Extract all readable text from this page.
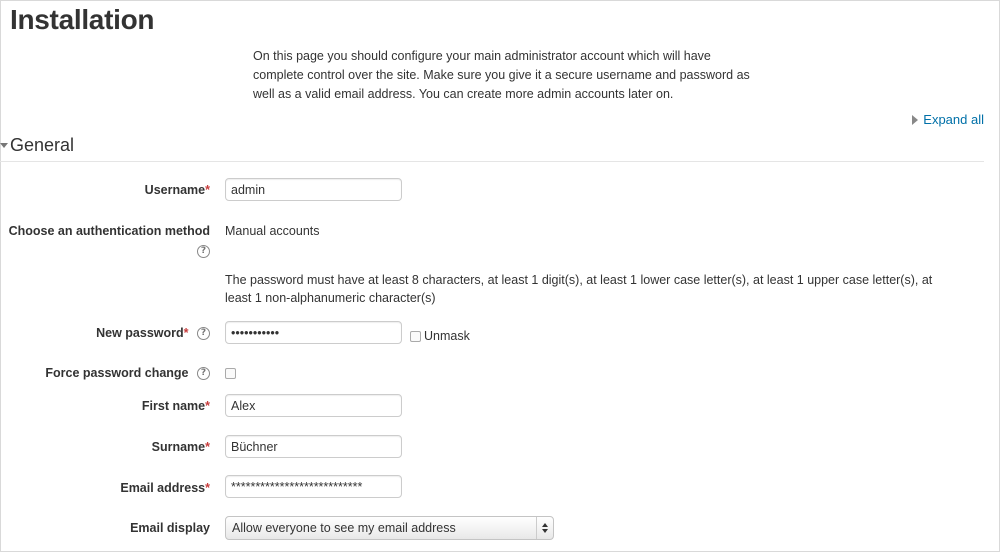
Installation
On this page you should configure your main administrator account which will have complete control over the site. Make sure you give it a secure username and password as well as a valid email address. You can create more admin accounts later on.
Expand all
General
Username*
admin
Choose an authentication method
?
Manual accounts
The password must have at least 8 characters, at least 1 digit(s), at least 1 lower case letter(s), at least 1 upper case letter(s), at least 1 non-alphanumeric character(s)
New password* ?
•••••••••••	Unmask
Force password change ?
First name*
Alex
Surname*
Büchner
Email address*
***************************
Email display Allow everyone to see my email address
